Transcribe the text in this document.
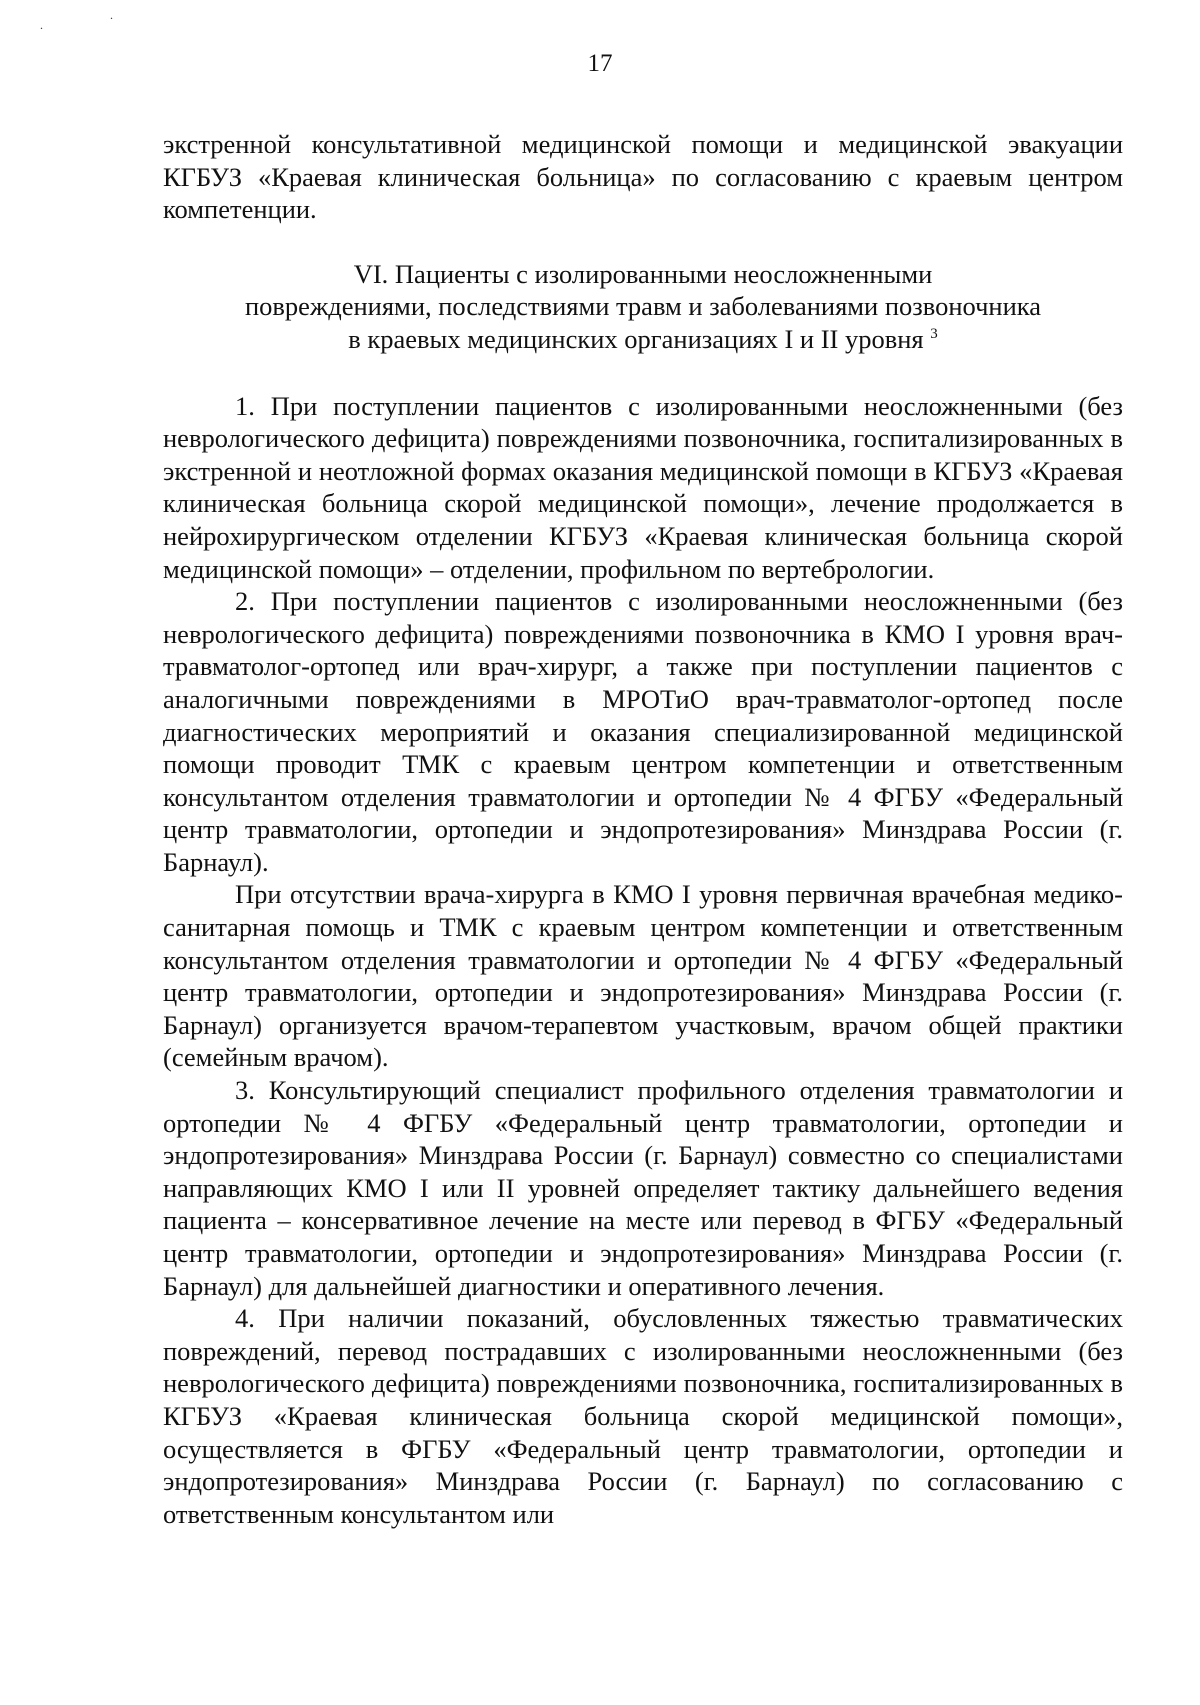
.
.
17

экстренной консультативной медицинской помощи и медицинской эвакуации КГБУЗ «Краевая клиническая больница» по согласованию с краевым центром компетенции.

VI. Пациенты с изолированными неосложненными
повреждениями, последствиями травм и заболеваниями позвоночника
в краевых медицинских организациях I и II уровня $^3$

1. При поступлении пациентов с изолированными неосложненными (без неврологического дефицита) повреждениями позвоночника, госпитализированных в экстренной и неотложной формах оказания медицинской помощи в КГБУЗ «Краевая клиническая больница скорой медицинской помощи», лечение продолжается в нейрохирургическом отделении КГБУЗ «Краевая клиническая больница скорой медицинской помощи» – отделении, профильном по вертебрологии.

2. При поступлении пациентов с изолированными неосложненными (без неврологического дефицита) повреждениями позвоночника в КМО I уровня врач-травматолог-ортопед или врач-хирург, а также при поступлении пациентов с аналогичными повреждениями в МРОТиО врач-травматолог-ортопед после диагностических мероприятий и оказания специализированной медицинской помощи проводит ТМК с краевым центром компетенции и ответственным консультантом отделения травматологии и ортопедии № 4 ФГБУ «Федеральный центр травматологии, ортопедии и эндопротезирования» Минздрава России (г. Барнаул).

При отсутствии врача-хирурга в КМО I уровня первичная врачебная медико-санитарная помощь и ТМК с краевым центром компетенции и ответственным консультантом отделения травматологии и ортопедии № 4 ФГБУ «Федеральный центр травматологии, ортопедии и эндопротезирования» Минздрава России (г. Барнаул) организуется врачом-терапевтом участковым, врачом общей практики (семейным врачом).

3. Консультирующий специалист профильного отделения травматологии и ортопедии № 4 ФГБУ «Федеральный центр травматологии, ортопедии и эндопротезирования» Минздрава России (г. Барнаул) совместно со специалистами направляющих КМО I или II уровней определяет тактику дальнейшего ведения пациента – консервативное лечение на месте или перевод в ФГБУ «Федеральный центр травматологии, ортопедии и эндопротезирования» Минздрава России (г. Барнаул) для дальнейшей диагностики и оперативного лечения.

4. При наличии показаний, обусловленных тяжестью травматических повреждений, перевод пострадавших с изолированными неосложненными (без неврологического дефицита) повреждениями позвоночника, госпитализированных в КГБУЗ «Краевая клиническая больница скорой медицинской помощи», осуществляется в ФГБУ «Федеральный центр травматологии, ортопедии и эндопротезирования» Минздрава России (г. Барнаул) по согласованию с ответственным консультантом или
